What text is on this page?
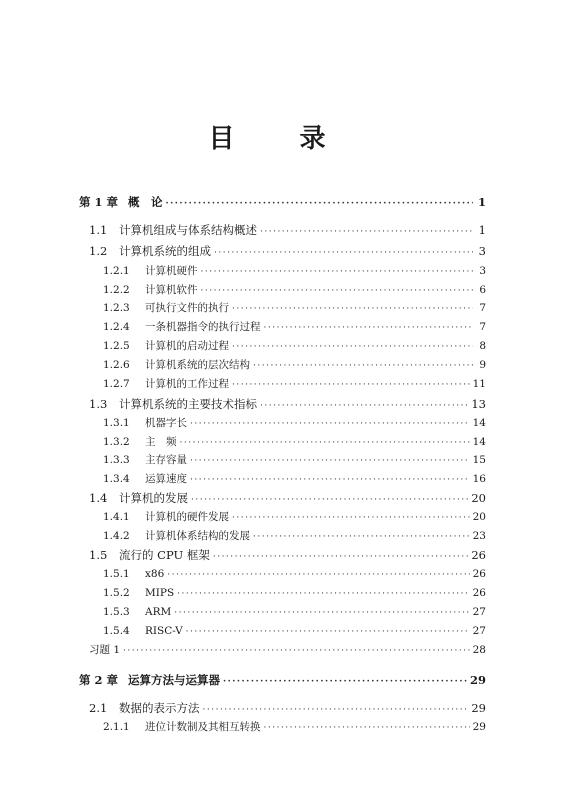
目 录
第 1 章 概　论 ·····	1
1.1	计算机组成与体系结构概述 ·····	1
1.2	计算机系统的组成 ·····	3
1.2.1	计算机硬件 ·····	3
1.2.2	计算机软件 ·····	6
1.2.3	可执行文件的执行 ·····	7
1.2.4	一条机器指令的执行过程 ·····	7
1.2.5	计算机的启动过程 ·····	8
1.2.6	计算机系统的层次结构 ·····	9
1.2.7	计算机的工作过程 ·····	11
1.3	计算机系统的主要技术指标 ·····	13
1.3.1	机器字长 ·····	14
1.3.2	主　频 ·····	14
1.3.3	主存容量 ·····	15
1.3.4	运算速度 ·····	16
1.4	计算机的发展 ·····	20
1.4.1	计算机的硬件发展 ·····	20
1.4.2	计算机体系结构的发展 ·····	23
1.5	流行的 CPU 框架 ·····	26
1.5.1	x86 ·····	26
1.5.2	MIPS ·····	26
1.5.3	ARM ·····	27
1.5.4	RISC-V ·····	27
习题 1 ·····	28
第 2 章 运算方法与运算器 ·····	29
2.1	数据的表示方法 ·····	29
2.1.1	进位计数制及其相互转换 ·····	29
